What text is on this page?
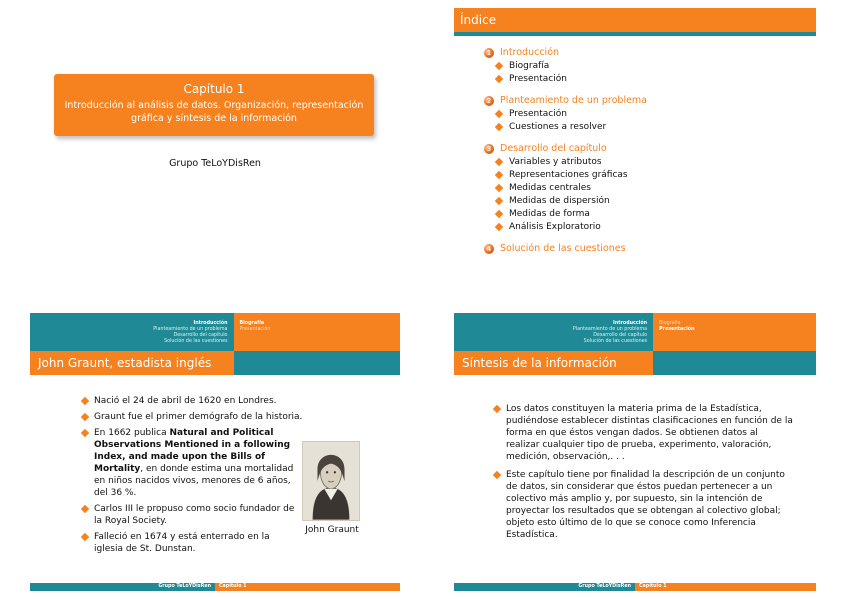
Capítulo 1
Introducción al análisis de datos. Organización, representación gráfica y síntesis de la información
Grupo TeLoYDisRen
Índice
1 Introducción
Biografía
Presentación
2 Planteamiento de un problema
Presentación
Cuestiones a resolver
3 Desarrollo del capítulo
Variables y atributos
Representaciones gráficas
Medidas centrales
Medidas de dispersión
Medidas de forma
Análisis Exploratorio
4 Solución de las cuestiones
Introducción
Planteamiento de un problema
Desarrollo del capítulo
Solución de las cuestiones
Biografía
Presentación
John Graunt, estadista inglés
Nació el 24 de abril de 1620 en Londres.
Graunt fue el primer demógrafo de la historia.
En 1662 publica Natural and Political Observations Mentioned in a following Index, and made upon the Bills of Mortality, en donde estima una mortalidad en niños nacidos vivos, menores de 6 años, del 36 %.
Carlos III le propuso como socio fundador de la Royal Society.
Falleció en 1674 y está enterrado en la iglesia de St. Dunstan.
John Graunt
Grupo TeLoYDisRen	Capítulo 1
Introducción
Planteamiento de un problema
Desarrollo del capítulo
Solución de las cuestiones
Biografía
Presentación
Síntesis de la información
Los datos constituyen la materia prima de la Estadística, pudiéndose establecer distintas clasificaciones en función de la forma en que éstos vengan dados. Se obtienen datos al realizar cualquier tipo de prueba, experimento, valoración, medición, observación,. . .
Este capítulo tiene por finalidad la descripción de un conjunto de datos, sin considerar que éstos puedan pertenecer a un colectivo más amplio y, por supuesto, sin la intención de proyectar los resultados que se obtengan al colectivo global; objeto esto último de lo que se conoce como Inferencia Estadística.
Grupo TeLoYDisRen	Capítulo 1
